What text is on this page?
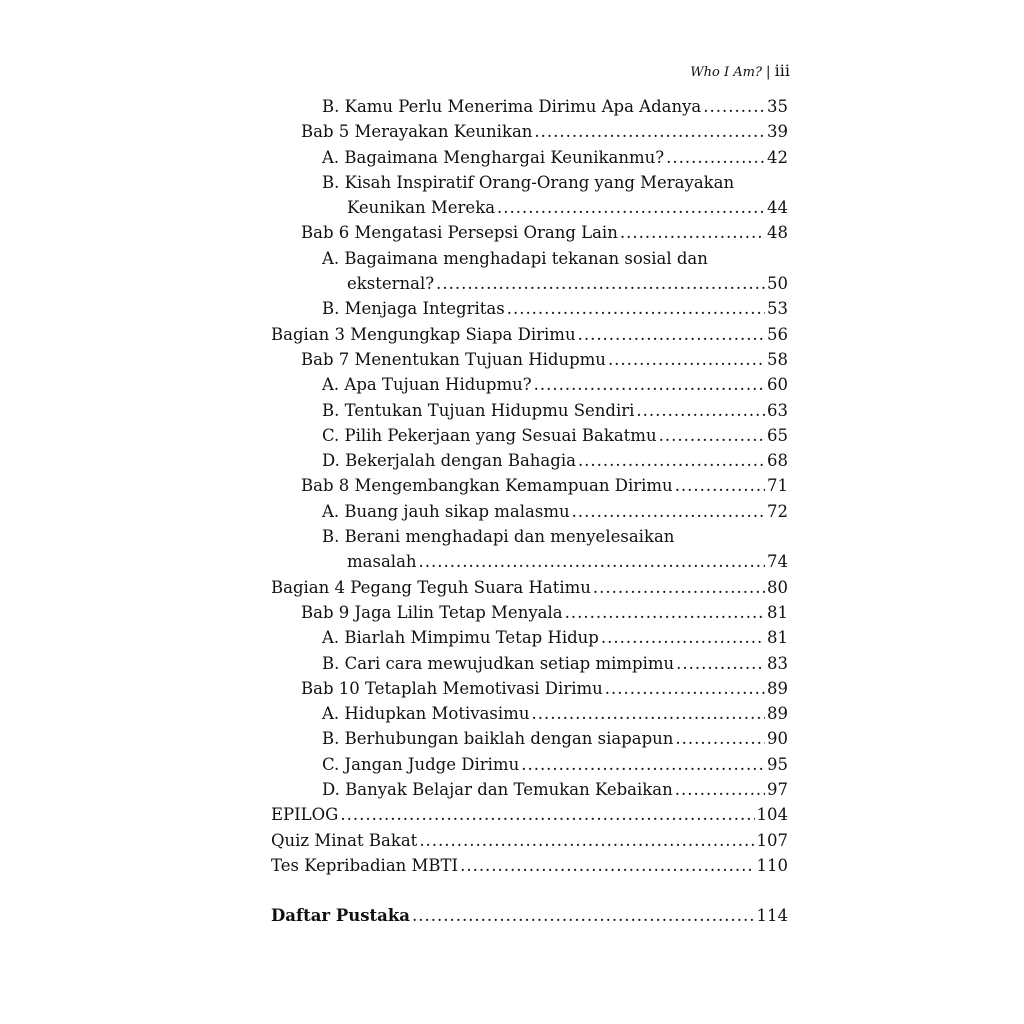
Who I Am? | iii
B. Kamu Perlu Menerima Dirimu Apa Adanya .....	35
Bab 5 Merayakan Keunikan .....	39
A. Bagaimana Menghargai Keunikanmu? .....	42
B. Kisah Inspiratif Orang-Orang yang Merayakan
Keunikan Mereka .....	44
Bab 6 Mengatasi Persepsi Orang Lain .....	48
A. Bagaimana menghadapi tekanan sosial dan
eksternal? .....	50
B. Menjaga Integritas .....	53
Bagian 3 Mengungkap Siapa Dirimu .....	56
Bab 7 Menentukan Tujuan Hidupmu .....	58
A. Apa Tujuan Hidupmu? .....	60
B. Tentukan Tujuan Hidupmu Sendiri .....	63
C. Pilih Pekerjaan yang Sesuai Bakatmu .....	65
D. Bekerjalah dengan Bahagia .....	68
Bab 8 Mengembangkan Kemampuan Dirimu .....	71
A. Buang jauh sikap malasmu .....	72
B. Berani menghadapi dan menyelesaikan
masalah .....	74
Bagian 4 Pegang Teguh Suara Hatimu .....	80
Bab 9 Jaga Lilin Tetap Menyala .....	81
A. Biarlah Mimpimu Tetap Hidup .....	81
B. Cari cara mewujudkan setiap mimpimu .....	83
Bab 10 Tetaplah Memotivasi Dirimu .....	89
A. Hidupkan Motivasimu .....	89
B. Berhubungan baiklah dengan siapapun .....	90
C. Jangan Judge Dirimu .....	95
D. Banyak Belajar dan Temukan Kebaikan .....	97
EPILOG .....	104
Quiz Minat Bakat .....	107
Tes Kepribadian MBTI .....	110
Daftar Pustaka .....	114
